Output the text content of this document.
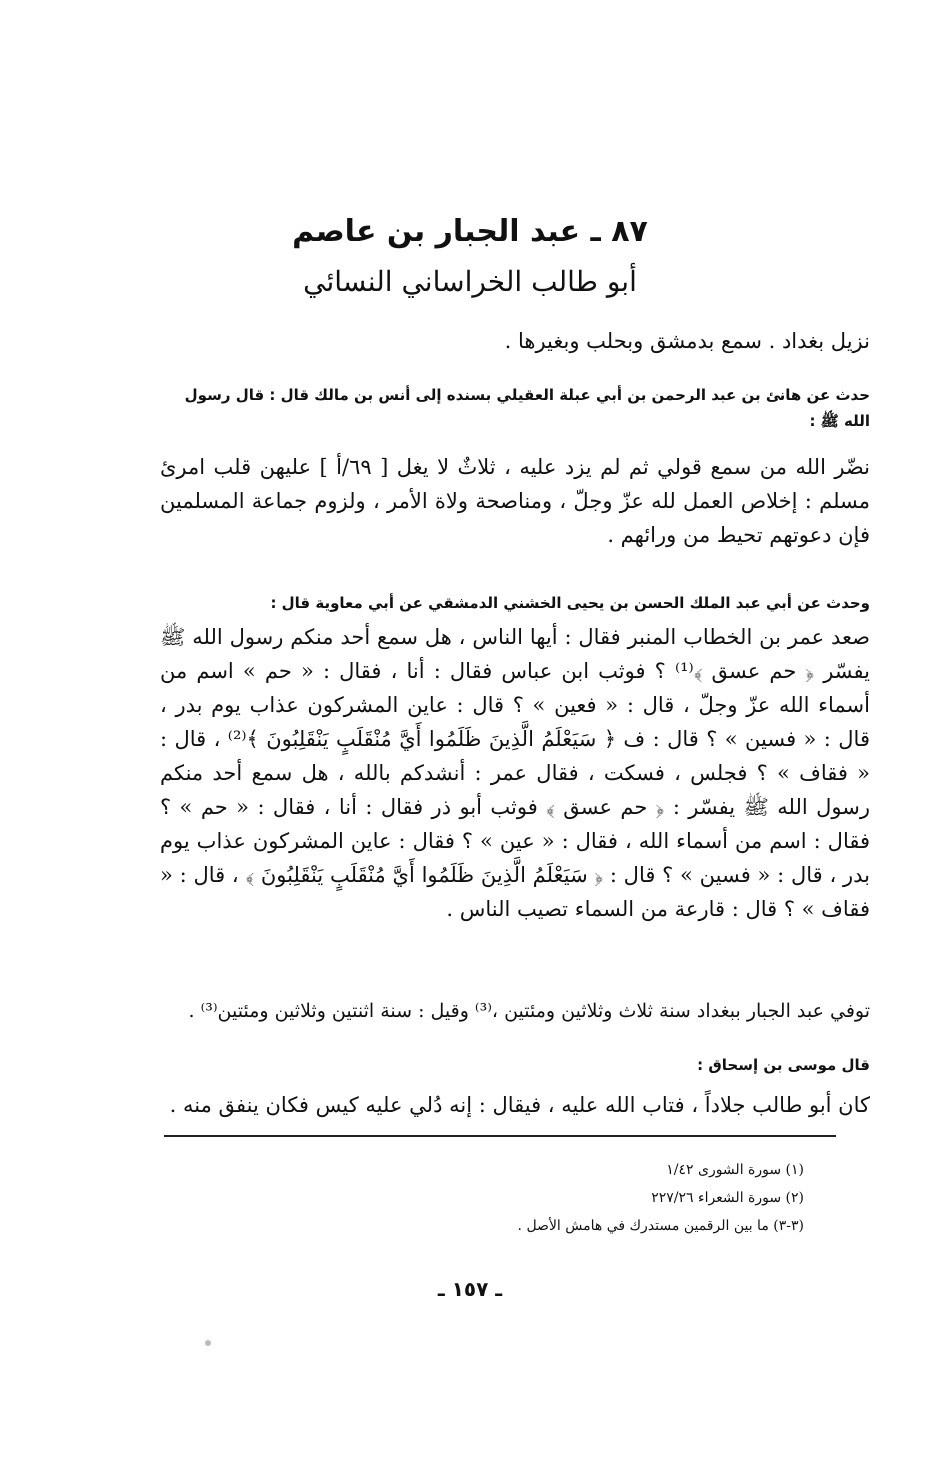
٨٧ ـ عبد الجبار بن عاصم
أبو طالب الخراساني النسائي
نزيل بغداد . سمع بدمشق وبحلب وبغيرها .
حدث عن هانئ بن عبد الرحمن بن أبي عبلة العقيلي بسنده إلى أنس بن مالك قال : قال رسول الله ﷺ :
نضّر الله من سمع قولي ثم لم يزد عليه ، ثلاثٌ لا يغل [ ٦٩/أ ] عليهن قلب امرئ مسلم : إخلاص العمل لله عزّ وجلّ ، ومناصحة ولاة الأمر ، ولزوم جماعة المسلمين فإن دعوتهم تحيط من ورائهم .
وحدث عن أبي عبد الملك الحسن بن يحيى الخشني الدمشقي عن أبي معاوية قال :
صعد عمر بن الخطاب المنبر فقال : أيها الناس ، هل سمع أحد منكم رسول الله ﷺ يفسّر ﴿ حم عسق ﴾⁽¹⁾ ؟ فوثب ابن عباس فقال : أنا ، فقال : « حم » اسم من أسماء الله عزّ وجلّ ، قال : « فعين » ؟ قال : عاين المشركون عذاب يوم بدر ، قال : « فسين » ؟ قال : ف ﴿ سَيَعْلَمُ الَّذِينَ ظَلَمُوا أَيَّ مُنْقَلَبٍ يَنْقَلِبُونَ ﴾⁽²⁾ ، قال : « فقاف » ؟ فجلس ، فسكت ، فقال عمر : أنشدكم بالله ، هل سمع أحد منكم رسول الله ﷺ يفسّر : ﴿ حم عسق ﴾ فوثب أبو ذر فقال : أنا ، فقال : « حم » ؟ فقال : اسم من أسماء الله ، فقال : « عين » ؟ فقال : عاين المشركون عذاب يوم بدر ، قال : « فسين » ؟ قال : ﴿ سَيَعْلَمُ الَّذِينَ ظَلَمُوا أَيَّ مُنْقَلَبٍ يَنْقَلِبُونَ ﴾ ، قال : « فقاف » ؟ قال : قارعة من السماء تصيب الناس .
توفي عبد الجبار ببغداد سنة ثلاث وثلاثين ومئتين ،⁽³⁾ وقيل : سنة اثنتين وثلاثين ومئتين⁽³⁾ .
قال موسى بن إسحاق :
كان أبو طالب جلاداً ، فتاب الله عليه ، فيقال : إنه دُلي عليه كيس فكان ينفق منه .
(١) سورة الشورى ١/٤٢
(٢) سورة الشعراء ٢٢٧/٢٦
(٣-٣) ما بين الرقمين مستدرك في هامش الأصل .
ـ ١٥٧ ـ
